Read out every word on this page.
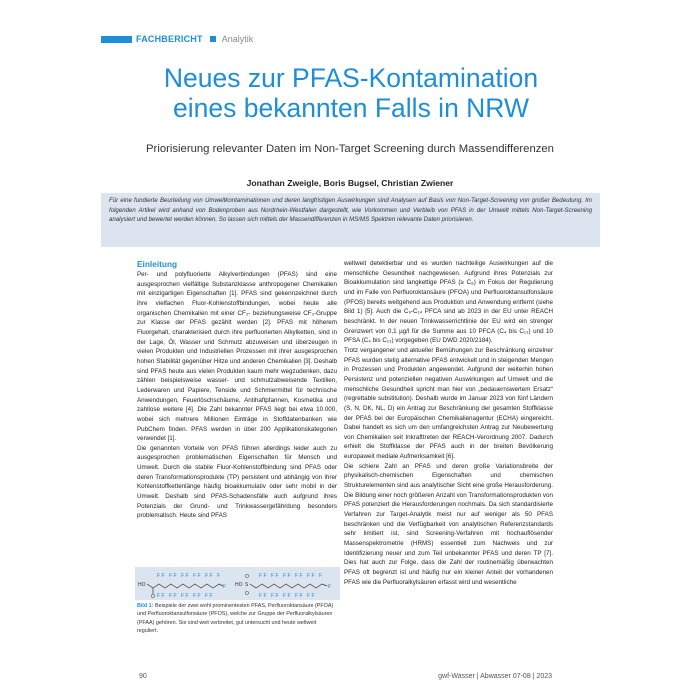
FACHBERICHT Analytik
Neues zur PFAS-Kontamination eines bekannten Falls in NRW
Priorisierung relevanter Daten im Non-Target Screening durch Massendifferenzen
Jonathan Zweigle, Boris Bugsel, Christian Zwiener

Für eine fundierte Beurteilung von Umweltkontaminationen und deren langfristigen Auswirkungen sind Analysen auf Basis von Non-Target-Screening von großer Bedeutung. Im folgenden Artikel wird anhand von Bodenproben aus Nordrhein-Westfalen dargestellt, wie Vorkommen und Verbleib von PFAS in der Umwelt mittels Non-Target-Screening analysiert und bewertet werden können. So lassen sich mittels der Massendifferenzen in MS/MS Spektren relevante Daten priorisieren.

Einleitung

Per- und polyfluorierte Alkylverbindungen (PFAS) sind eine ausgesprochen vielfältige Substanzklasse anthropogener Chemikalien mit einzigartigen Eigenschaften [1]. PFAS sind gekennzeichnet durch ihre vielfachen Fluor-Kohlenstoffbindungen, wobei heute alle organischen Chemikalien mit einer CF₂- beziehungsweise CF₃-Gruppe zur Klasse der PFAS gezählt werden [2]. PFAS mit höherem Fluorgehalt, charakterisiert durch ihre perfluorierten Alkylketten, sind in der Lage, Öl, Wasser und Schmutz abzuweisen und überzeugen in vielen Produkten und Industriellen Prozessen mit ihrer ausgesprochen hohen Stabilität gegenüber Hitze und anderen Chemikalien [3]. Deshalb sind PFAS heute aus vielen Produkten kaum mehr wegzudenken, dazu zählen beispielsweise wasser- und schmutzabweisende Textilien, Lederwaren und Papiere, Tenside und Schmiermittel für technische Anwendungen, Feuerlöschschäume, Antihaftpfannen, Kosmetika und zahllose weitere [4]. Die Zahl bekannter PFAS liegt bei etwa 10.000, wobei sich mehrere Millionen Einträge in Stoffdatenbanken wie PubChem finden. PFAS werden in über 200 Applikationskategorien verwendet [1].

Die genannten Vorteile von PFAS führen allerdings leider auch zu ausgesprochen problematischen Eigenschaften für Mensch und Umwelt. Durch die stabile Fluor-Kohlenstoffbindung sind PFAS oder deren Transformationsprodukte (TP) persistent und abhängig von ihrer Kohlenstoffkettenlänge häufig bioakkumulativ oder sehr mobil in der Umwelt. Deshalb sind PFAS-Schadensfälle auch aufgrund ihres Potenzials der Grund- und Trinkwassergefährdung besonders problematisch. Heute sind PFAS

HO
O
F F F F F F F F F F F
F F F F F F F F F F
F HO S
O
O
F F F F F F F F F F F
F F F F F F F F F F
F
Bild 1: Beispiele der zwei wohl prominentesten PFAS, Perfluoroktansäure (PFOA) und Perfluoroktansulfonsäure (PFOS), welche zur Gruppe der Perfluoralkylsäuren (PFAA) gehören. Sie sind weit verbreitet, gut untersucht und heute weltweit reguliert.

weltweit detektierbar und es wurden nachteilige Auswirkungen auf die menschliche Gesundheit nachgewiesen. Aufgrund ihres Potenzials zur Bioakkumulation sind langkettige PFAS (≥ C₈) im Fokus der Regulierung und im Falle von Perfluoroktansäure (PFOA) und Perfluoroktansulfonsäure (PFOS) bereits weitgehend aus Produktion und Anwendung entfernt (siehe Bild 1) [5]. Auch die C₉-C₁₄ PFCA sind ab 2023 in der EU unter REACH beschränkt. In der neuen Trinkwasserrichtlinie der EU wird ein strenger Grenzwert von 0,1 µg/l für die Summe aus 10 PFCA (C₄ bis C₁₃) und 10 PFSA (C₄ bis C₁₃) vorgegeben (EU DWD 2020/2184).

Trotz vergangener und aktueller Bemühungen zur Beschränkung einzelner PFAS wurden stetig alternative PFAS entwickelt und in steigenden Mengen in Prozessen und Produkten angewendet. Aufgrund der weiterhin hohen Persistenz und potenziellen negativen Auswirkungen auf Umwelt und die menschliche Gesundheit spricht man hier von „bedauernswertem Ersatz“ (regrettable substitution). Deshalb wurde im Januar 2023 von fünf Ländern (S, N, DK, NL, D) ein Antrag zur Beschränkung der gesamten Stoffklasse der PFAS bei der Europäischen Chemikalienagentur (ECHA) eingereicht. Dabei handelt es sich um den umfangreichsten Antrag zur Neubewertung von Chemikalien seit Inkrafttreten der REACH-Verordnung 2007. Dadurch erhielt die Stoffklasse der PFAS auch in der breiten Bevölkerung europaweit mediale Aufmerksamkeit [6].

Die schiere Zahl an PFAS und deren große Variationsbreite der physikalisch-chemischen Eigenschaften und chemischen Strukturelementen sind aus analytischer Sicht eine große Herausforderung. Die Bildung einer noch größeren Anzahl von Transformationsprodukten von PFAS potenziert die Herausforderungen nochmals. Da sich standardisierte Verfahren zur Target-Analytik meist nur auf weniger als 50 PFAS beschränken und die Verfügbarkeit von analytischen Referenzstandards sehr limitiert ist, sind Screening-Verfahren mit hochauflösender Massenspektrometrie (HRMS) essentiell zum Nachweis und zur Identifizierung neuer und zum Teil unbekannter PFAS und deren TP [7]. Dies hat auch zur Folge, dass die Zahl der routinemäßig überwachten PFAS oft begrenzt ist und häufig nur ein kleiner Anteil der vorhandenen PFAS wie die Perfluoralkylsäuren erfasst wird und wesentliche

90	gwf-Wasser | Abwasser 07-08 | 2023
